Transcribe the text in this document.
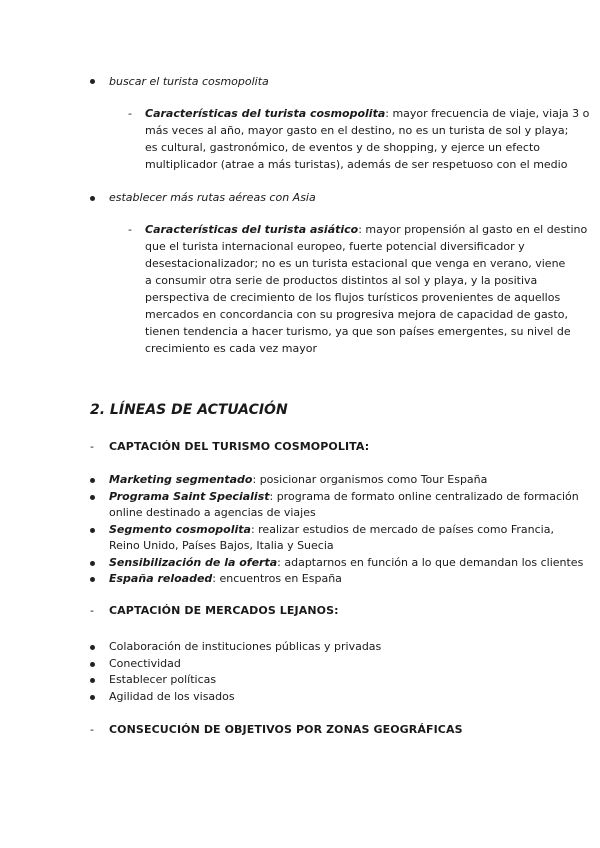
buscar el turista cosmopolita
- Características del turista cosmopolita: mayor frecuencia de viaje, viaja 3 o
más veces al año, mayor gasto en el destino, no es un turista de sol y playa;
es cultural, gastronómico, de eventos y de shopping, y ejerce un efecto
multiplicador (atrae a más turistas), además de ser respetuoso con el medio
establecer más rutas aéreas con Asia
- Características del turista asiático: mayor propensión al gasto en el destino
que el turista internacional europeo, fuerte potencial diversificador y
desestacionalizador; no es un turista estacional que venga en verano, viene
a consumir otra serie de productos distintos al sol y playa, y la positiva
perspectiva de crecimiento de los flujos turísticos provenientes de aquellos
mercados en concordancia con su progresiva mejora de capacidad de gasto,
tienen tendencia a hacer turismo, ya que son países emergentes, su nivel de
crecimiento es cada vez mayor
2. LÍNEAS DE ACTUACIÓN
- CAPTACIÓN DEL TURISMO COSMOPOLITA:
Marketing segmentado: posicionar organismos como Tour España
Programa Saint Specialist: programa de formato online centralizado de formación
online destinado a agencias de viajes
Segmento cosmopolita: realizar estudios de mercado de países como Francia,
Reino Unido, Países Bajos, Italia y Suecia
Sensibilización de la oferta: adaptarnos en función a lo que demandan los clientes
España reloaded: encuentros en España
- CAPTACIÓN DE MERCADOS LEJANOS:
Colaboración de instituciones públicas y privadas
Conectividad
Establecer políticas
Agilidad de los visados
- CONSECUCIÓN DE OBJETIVOS POR ZONAS GEOGRÁFICAS
